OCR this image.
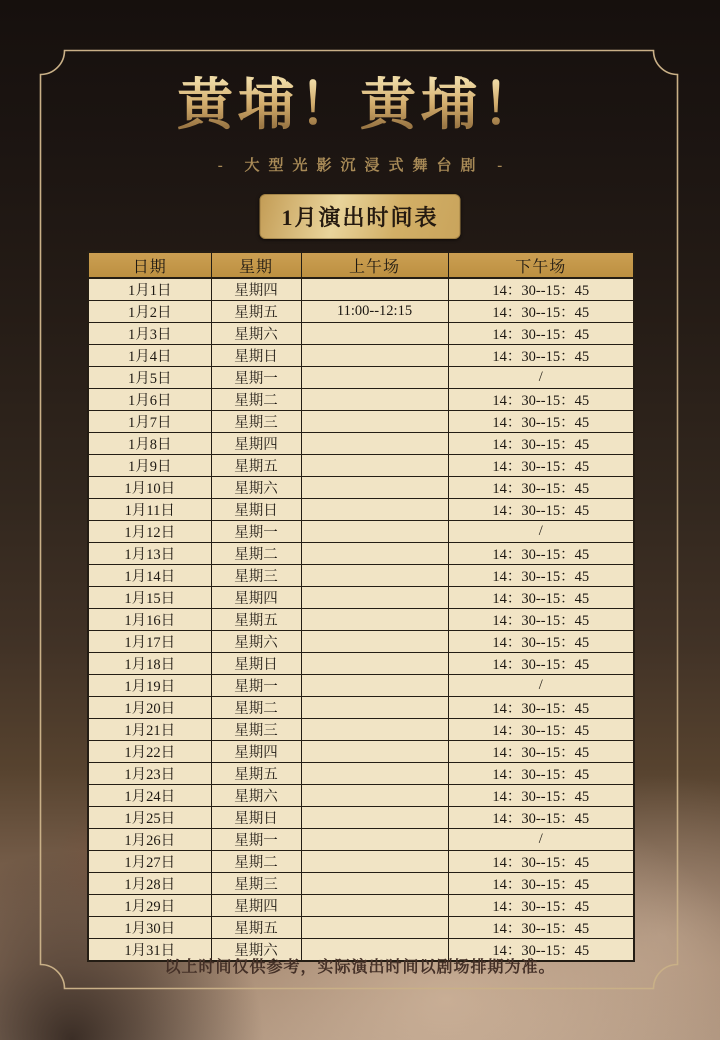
黄埔！黄埔！
- 大型光影沉浸式舞台剧 -
1月演出时间表
日期	星期	上午场	下午场
1月1日	星期四		14：30--15：45
1月2日	星期五	11:00--12:15	14：30--15：45
1月3日	星期六		14：30--15：45
1月4日	星期日		14：30--15：45
1月5日	星期一		/
1月6日	星期二		14：30--15：45
1月7日	星期三		14：30--15：45
1月8日	星期四		14：30--15：45
1月9日	星期五		14：30--15：45
1月10日	星期六		14：30--15：45
1月11日	星期日		14：30--15：45
1月12日	星期一		/
1月13日	星期二		14：30--15：45
1月14日	星期三		14：30--15：45
1月15日	星期四		14：30--15：45
1月16日	星期五		14：30--15：45
1月17日	星期六		14：30--15：45
1月18日	星期日		14：30--15：45
1月19日	星期一		/
1月20日	星期二		14：30--15：45
1月21日	星期三		14：30--15：45
1月22日	星期四		14：30--15：45
1月23日	星期五		14：30--15：45
1月24日	星期六		14：30--15：45
1月25日	星期日		14：30--15：45
1月26日	星期一		/
1月27日	星期二		14：30--15：45
1月28日	星期三		14：30--15：45
1月29日	星期四		14：30--15：45
1月30日	星期五		14：30--15：45
1月31日	星期六		14：30--15：45
以上时间仅供参考，实际演出时间以剧场排期为准。
